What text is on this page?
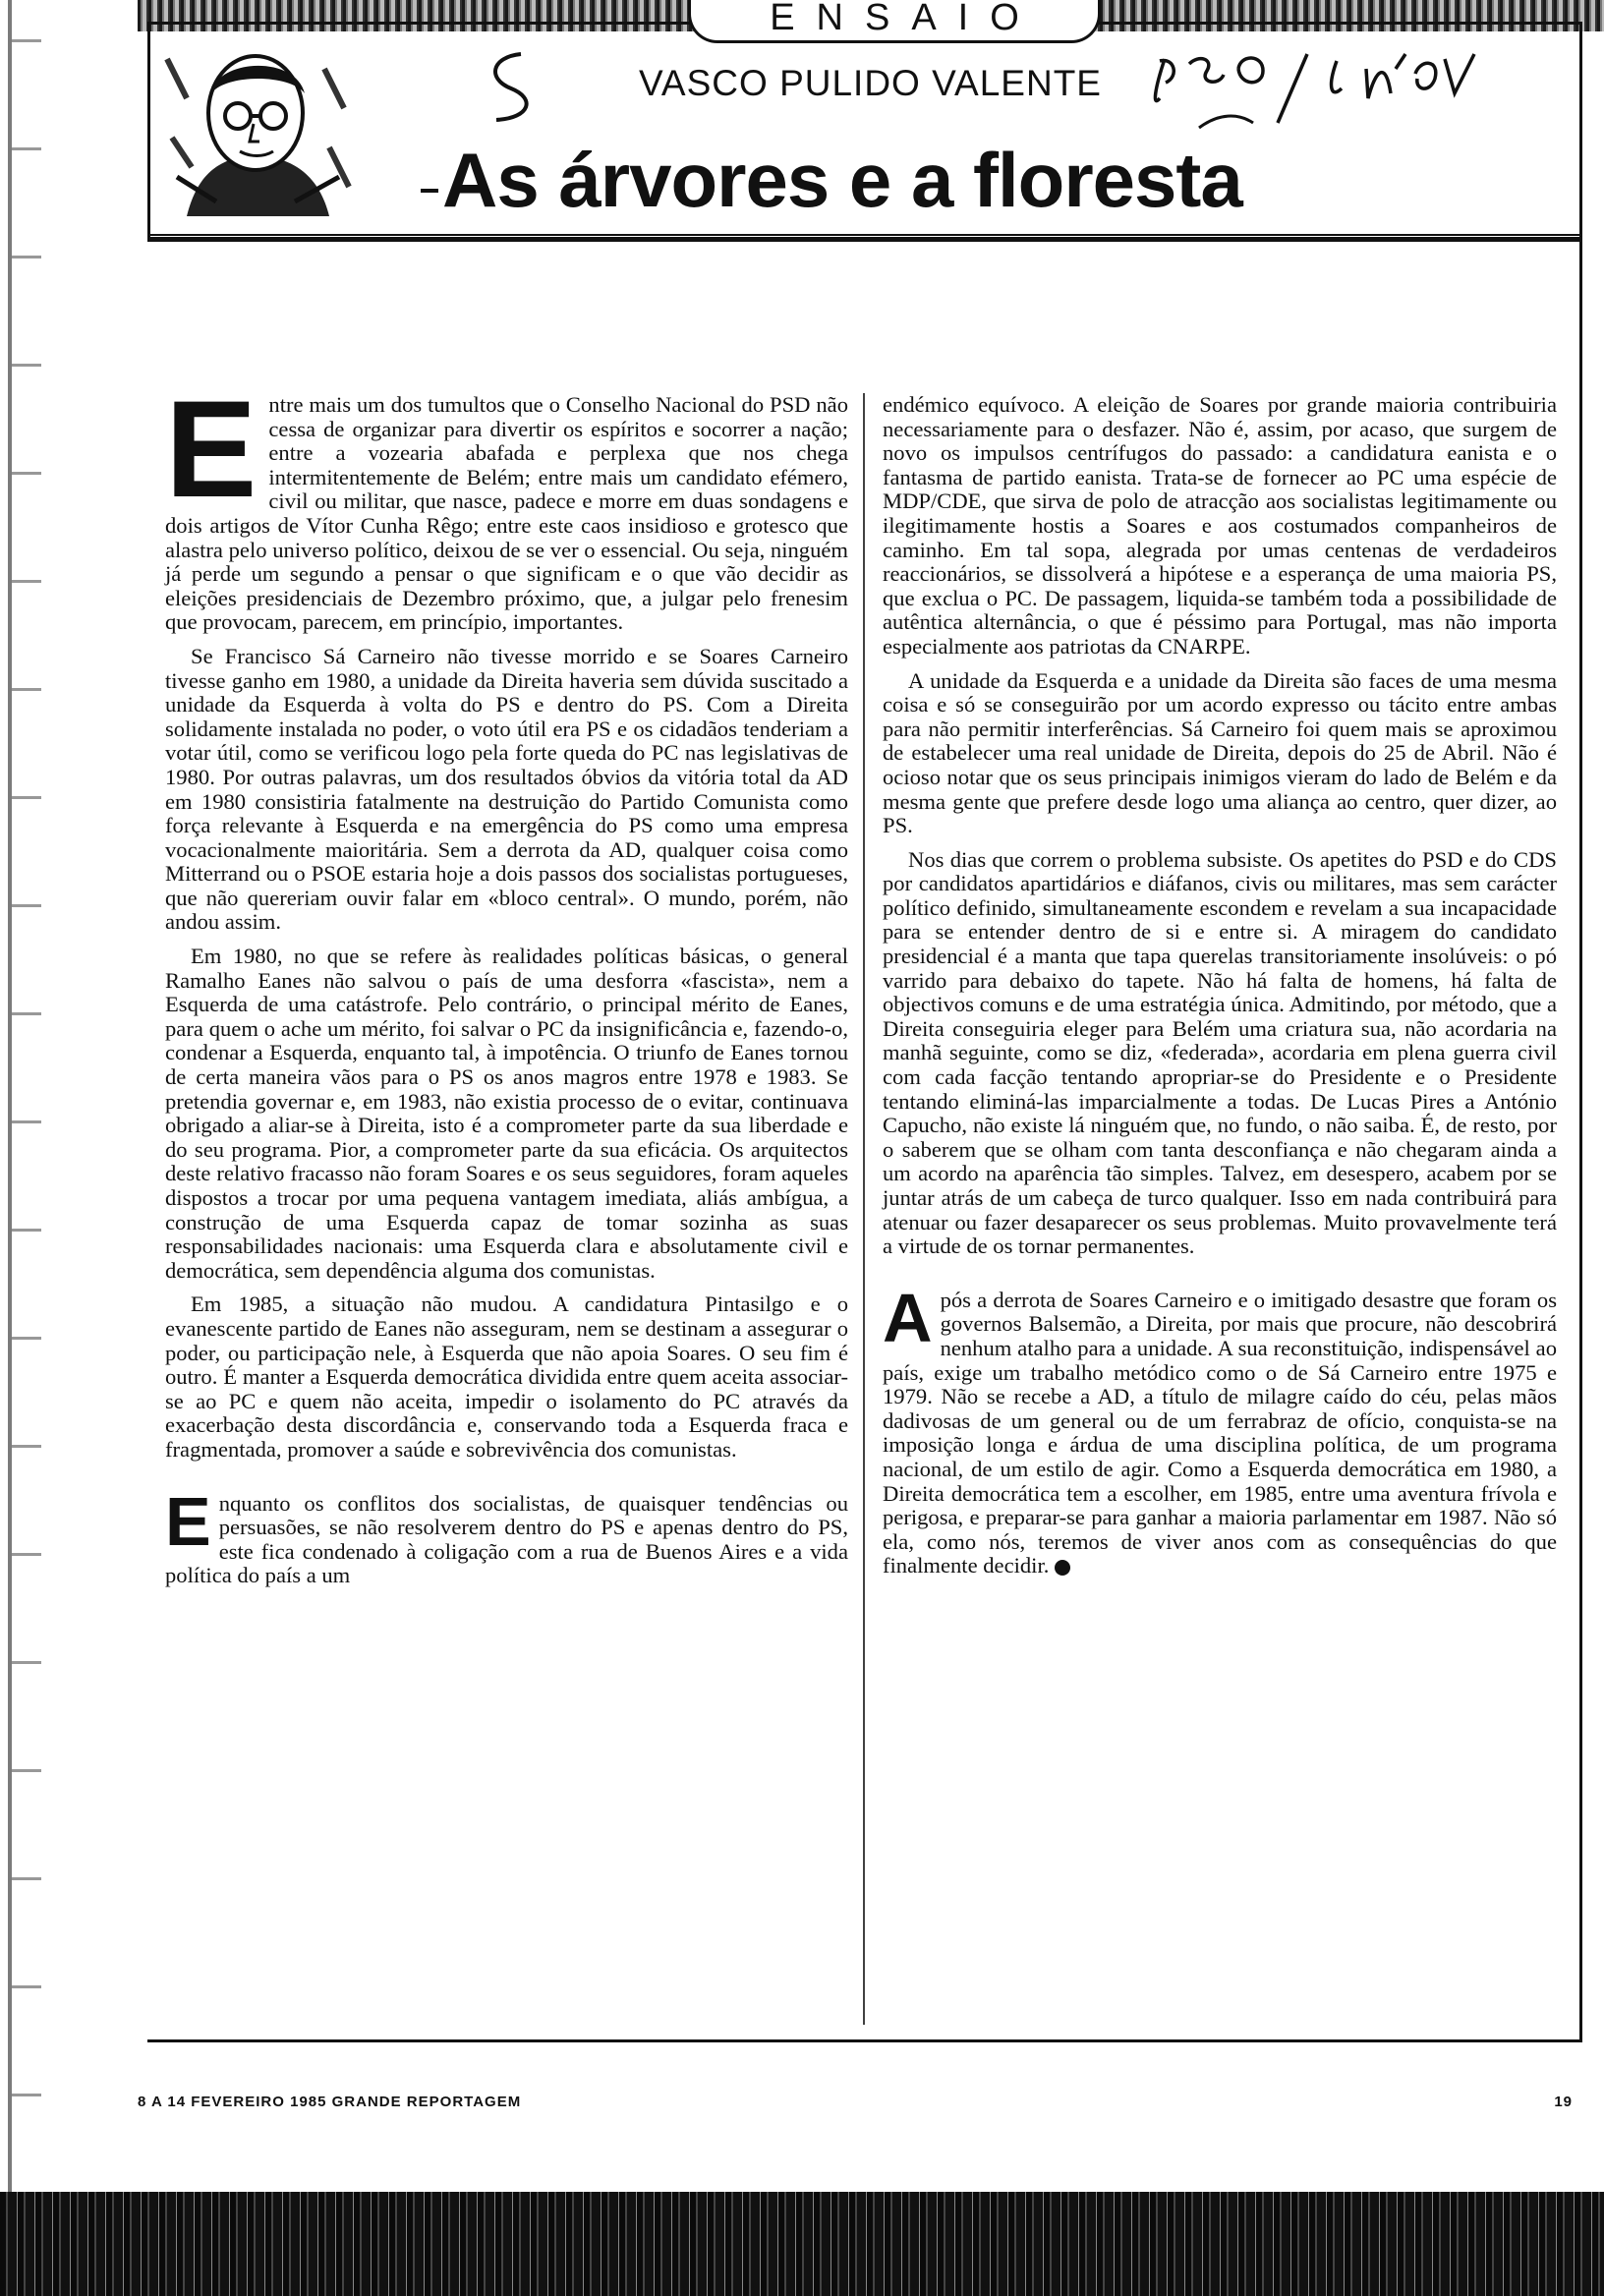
ENSAIO
VASCO PULIDO VALENTE
As árvores e a floresta

E ntre mais um dos tumultos que o Conselho Nacional do PSD não cessa de organizar para divertir os espíritos e socorrer a nação; entre a vozearia abafada e perplexa que nos chega intermitentemente de Belém; entre mais um candidato efémero, civil ou militar, que nasce, padece e morre em duas sondagens e dois artigos de Vítor Cunha Rêgo; entre este caos insidioso e grotesco que alastra pelo universo político, deixou de se ver o essencial. Ou seja, ninguém já perde um segundo a pensar o que significam e o que vão decidir as eleições presidenciais de Dezembro próximo, que, a julgar pelo frenesim que provocam, parecem, em princípio, importantes.

Se Francisco Sá Carneiro não tivesse morrido e se Soares Carneiro tivesse ganho em 1980, a unidade da Direita haveria sem dúvida suscitado a unidade da Esquerda à volta do PS e dentro do PS. Com a Direita solidamente instalada no poder, o voto útil era PS e os cidadãos tenderiam a votar útil, como se verificou logo pela forte queda do PC nas legislativas de 1980. Por outras palavras, um dos resultados óbvios da vitória total da AD em 1980 consistiria fatalmente na destruição do Partido Comunista como força relevante à Esquerda e na emergência do PS como uma empresa vocacionalmente maioritária. Sem a derrota da AD, qualquer coisa como Mitterrand ou o PSOE estaria hoje a dois passos dos socialistas portugueses, que não quereriam ouvir falar em «bloco central». O mundo, porém, não andou assim.

Em 1980, no que se refere às realidades políticas básicas, o general Ramalho Eanes não salvou o país de uma desforra «fascista», nem a Esquerda de uma catástrofe. Pelo contrário, o principal mérito de Eanes, para quem o ache um mérito, foi salvar o PC da insignificância e, fazendo-o, condenar a Esquerda, enquanto tal, à impotência. O triunfo de Eanes tornou de certa maneira vãos para o PS os anos magros entre 1978 e 1983. Se pretendia governar e, em 1983, não existia processo de o evitar, continuava obrigado a aliar-se à Direita, isto é a comprometer parte da sua liberdade e do seu programa. Pior, a comprometer parte da sua eficácia. Os arquitectos deste relativo fracasso não foram Soares e os seus seguidores, foram aqueles dispostos a trocar por uma pequena vantagem imediata, aliás ambígua, a construção de uma Esquerda capaz de tomar sozinha as suas responsabilidades nacionais: uma Esquerda clara e absolutamente civil e democrática, sem dependência alguma dos comunistas.

Em 1985, a situação não mudou. A candidatura Pintasilgo e o evanescente partido de Eanes não asseguram, nem se destinam a assegurar o poder, ou participação nele, à Esquerda que não apoia Soares. O seu fim é outro. É manter a Esquerda democrática dividida entre quem aceita associar-se ao PC e quem não aceita, impedir o isolamento do PC através da exacerbação desta discordância e, conservando toda a Esquerda fraca e fragmentada, promover a saúde e sobrevivência dos comunistas.

E nquanto os conflitos dos socialistas, de quaisquer tendências ou persuasões, se não resolverem dentro do PS e apenas dentro do PS, este fica condenado à coligação com a rua de Buenos Aires e a vida política do país a um

endémico equívoco. A eleição de Soares por grande maioria contribuiria necessariamente para o desfazer. Não é, assim, por acaso, que surgem de novo os impulsos centrífugos do passado: a candidatura eanista e o fantasma de partido eanista. Trata-se de fornecer ao PC uma espécie de MDP/CDE, que sirva de polo de atracção aos socialistas legitimamente ou ilegitimamente hostis a Soares e aos costumados companheiros de caminho. Em tal sopa, alegrada por umas centenas de verdadeiros reaccionários, se dissolverá a hipótese e a esperança de uma maioria PS, que exclua o PC. De passagem, liquida-se também toda a possibilidade de autêntica alternância, o que é péssimo para Portugal, mas não importa especialmente aos patriotas da CNARPE.

A unidade da Esquerda e a unidade da Direita são faces de uma mesma coisa e só se conseguirão por um acordo expresso ou tácito entre ambas para não permitir interferências. Sá Carneiro foi quem mais se aproximou de estabelecer uma real unidade de Direita, depois do 25 de Abril. Não é ocioso notar que os seus principais inimigos vieram do lado de Belém e da mesma gente que prefere desde logo uma aliança ao centro, quer dizer, ao PS.

Nos dias que correm o problema subsiste. Os apetites do PSD e do CDS por candidatos apartidários e diáfanos, civis ou militares, mas sem carácter político definido, simultaneamente escondem e revelam a sua incapacidade para se entender dentro de si e entre si. A miragem do candidato presidencial é a manta que tapa querelas transitoriamente insolúveis: o pó varrido para debaixo do tapete. Não há falta de homens, há falta de objectivos comuns e de uma estratégia única. Admitindo, por método, que a Direita conseguiria eleger para Belém uma criatura sua, não acordaria na manhã seguinte, como se diz, «federada», acordaria em plena guerra civil com cada facção tentando apropriar-se do Presidente e o Presidente tentando eliminá-las imparcialmente a todas. De Lucas Pires a António Capucho, não existe lá ninguém que, no fundo, o não saiba. É, de resto, por o saberem que se olham com tanta desconfiança e não chegaram ainda a um acordo na aparência tão simples. Talvez, em desespero, acabem por se juntar atrás de um cabeça de turco qualquer. Isso em nada contribuirá para atenuar ou fazer desaparecer os seus problemas. Muito provavelmente terá a virtude de os tornar permanentes.

A pós a derrota de Soares Carneiro e o imitigado desastre que foram os governos Balsemão, a Direita, por mais que procure, não descobrirá nenhum atalho para a unidade. A sua reconstituição, indispensável ao país, exige um trabalho metódico como o de Sá Carneiro entre 1975 e 1979. Não se recebe a AD, a título de milagre caído do céu, pelas mãos dadivosas de um general ou de um ferrabraz de ofício, conquista-se na imposição longa e árdua de uma disciplina política, de um programa nacional, de um estilo de agir. Como a Esquerda democrática em 1980, a Direita democrática tem a escolher, em 1985, entre uma aventura frívola e perigosa, e preparar-se para ganhar a maioria parlamentar em 1987. Não só ela, como nós, teremos de viver anos com as consequências do que finalmente decidir.

8 A 14 FEVEREIRO 1985 GRANDE REPORTAGEM	19
